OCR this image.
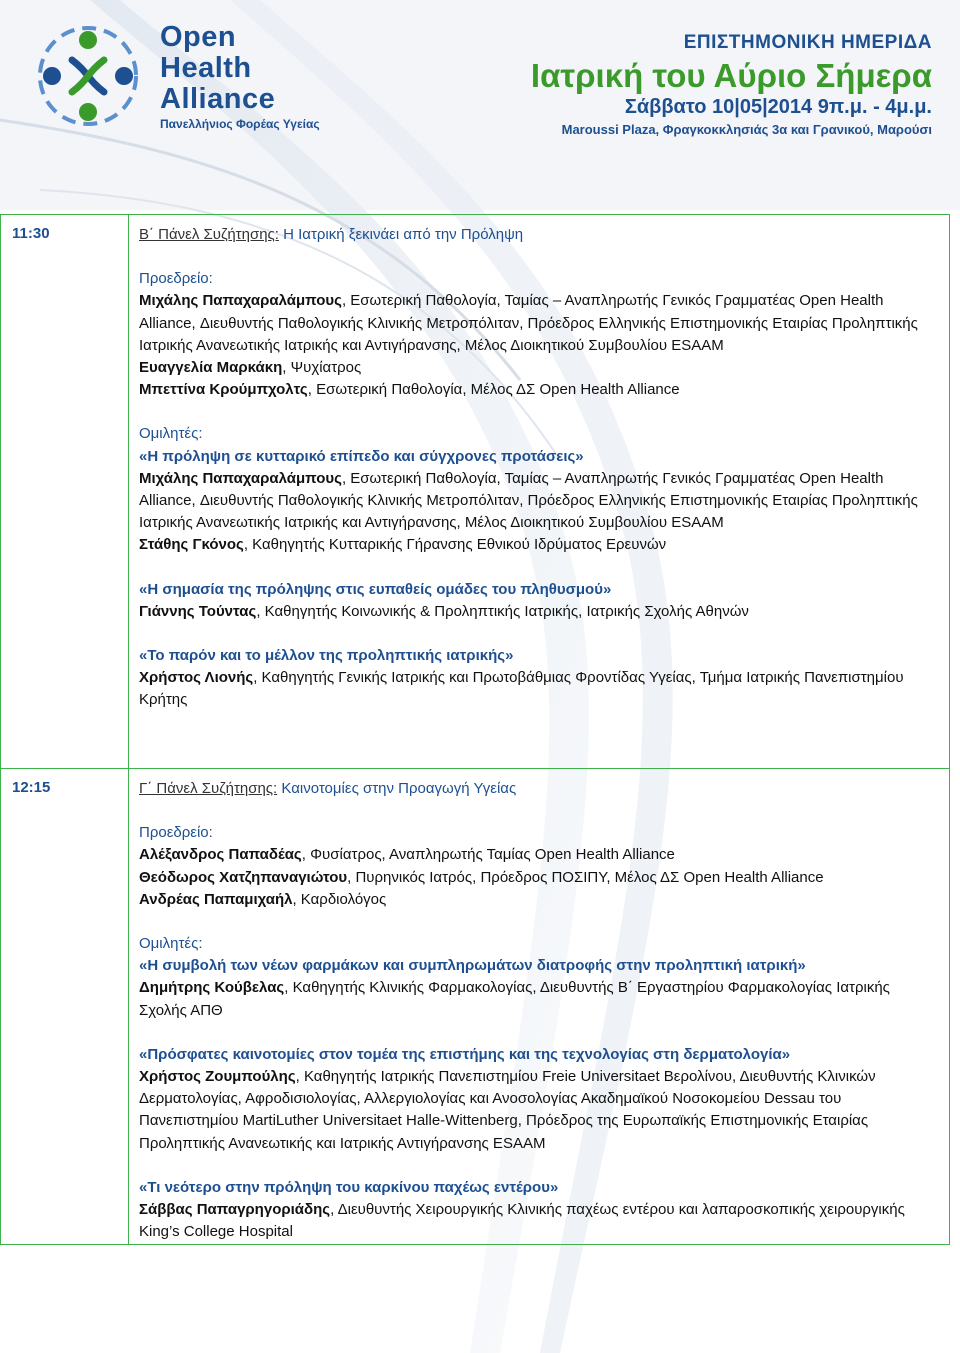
Open
Health
Alliance
Πανελλήνιος Φορέας Υγείας
ΕΠΙΣΤΗΜΟΝΙΚΗ ΗΜΕΡΙΔΑ
Ιατρική του Αύριο Σήμερα
Σάββατο 10|05|2014 9π.μ. - 4μ.μ.
Maroussi Plaza, Φραγκοκκλησιάς 3α και Γρανικού, Μαρούσι
11:30	Β΄ Πάνελ Συζήτησης: Η Ιατρική ξεκινάει από την Πρόληψη
Προεδρείο:
Μιχάλης Παπαχαραλάμπους, Εσωτερική Παθολογία, Ταμίας – Αναπληρωτής Γενικός Γραμματέας Open Health Alliance, Διευθυντής Παθολογικής Κλινικής Μετροπόλιταν, Πρόεδρος Ελληνικής Επιστημονικής Εταιρίας Προληπτικής Ιατρικής Ανανεωτικής Ιατρικής και Αντιγήρανσης, Μέλος Διοικητικού Συμβουλίου ESAAM
Ευαγγελία Μαρκάκη, Ψυχίατρος
Μπεττίνα Κρούμπχολτς, Εσωτερική Παθολογία, Μέλος ΔΣ Open Health Alliance
Ομιλητές:
«Η πρόληψη σε κυτταρικό επίπεδο και σύγχρονες προτάσεις»
Μιχάλης Παπαχαραλάμπους, Εσωτερική Παθολογία, Ταμίας – Αναπληρωτής Γενικός Γραμματέας Open Health Alliance, Διευθυντής Παθολογικής Κλινικής Μετροπόλιταν, Πρόεδρος Ελληνικής Επιστημονικής Εταιρίας Προληπτικής Ιατρικής Ανανεωτικής Ιατρικής και Αντιγήρανσης, Μέλος Διοικητικού Συμβουλίου ESAAM
Στάθης Γκόνος, Καθηγητής Κυτταρικής Γήρανσης Εθνικού Ιδρύματος Ερευνών
«Η σημασία της πρόληψης στις ευπαθείς ομάδες του πληθυσμού»
Γιάννης Τούντας, Καθηγητής Κοινωνικής & Προληπτικής Ιατρικής, Ιατρικής Σχολής Αθηνών
«Το παρόν και το μέλλον της προληπτικής ιατρικής»
Χρήστος Λιονής, Καθηγητής Γενικής Ιατρικής και Πρωτοβάθμιας Φροντίδας Υγείας, Τμήμα Ιατρικής Πανεπιστημίου Κρήτης
12:15	Γ΄ Πάνελ Συζήτησης: Καινοτομίες στην Προαγωγή Υγείας
Προεδρείο:
Αλέξανδρος Παπαδέας, Φυσίατρος, Αναπληρωτής Ταμίας Open Health Alliance
Θεόδωρος Χατζηπαναγιώτου, Πυρηνικός Ιατρός, Πρόεδρος ΠΟΣΙΠΥ, Μέλος ΔΣ Open Health Alliance
Ανδρέας Παπαμιχαήλ, Καρδιολόγος
Ομιλητές:
«Η συμβολή των νέων φαρμάκων και συμπληρωμάτων διατροφής στην προληπτική ιατρική»
Δημήτρης Κούβελας, Καθηγητής Κλινικής Φαρμακολογίας, Διευθυντής Β΄ Εργαστηρίου Φαρμακολογίας Ιατρικής Σχολής ΑΠΘ
«Πρόσφατες καινοτομίες στον τομέα της επιστήμης και της τεχνολογίας στη δερματολογία»
Χρήστος Ζουμπούλης, Καθηγητής Ιατρικής Πανεπιστημίου Freie Universitaet Βερολίνου, Διευθυντής Κλινικών Δερματολογίας, Αφροδισιολογίας, Αλλεργιολογίας και Ανοσολογίας Ακαδημαϊκού Νοσοκομείου Dessau του Πανεπιστημίου MartiLuther Universitaet Halle-Wittenberg, Πρόεδρος της Ευρωπαϊκής Επιστημονικής Εταιρίας Προληπτικής Ανανεωτικής και Ιατρικής Αντιγήρανσης ESAAM
«Τι νεότερο στην πρόληψη του καρκίνου παχέως εντέρου»
Σάββας Παπαγρηγοριάδης, Διευθυντής Χειρουργικής Κλινικής παχέως εντέρου και λαπαροσκοπικής χειρουργικής King’s College Hospital
